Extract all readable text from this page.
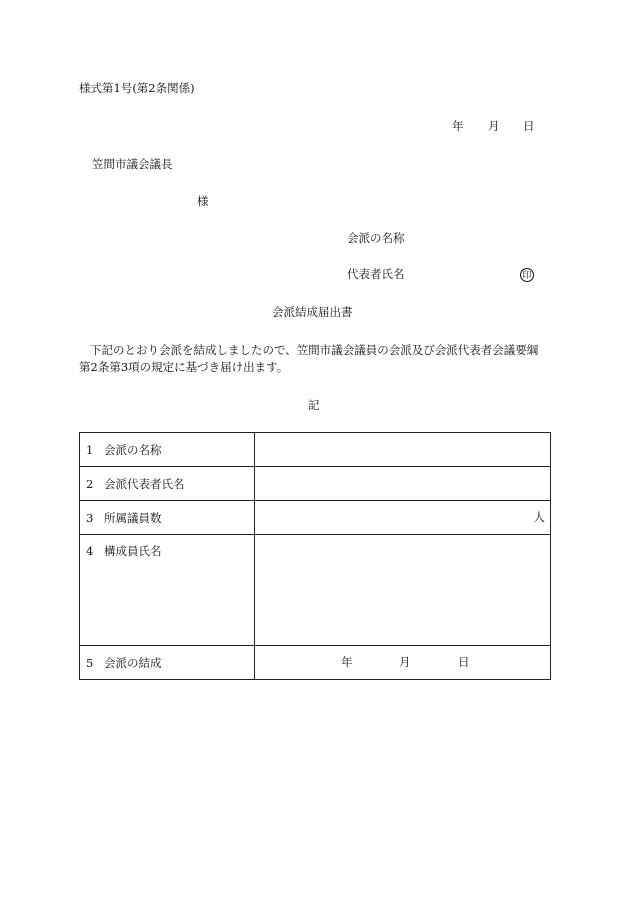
様式第1号(第2条関係)
年 月 日
笠間市議会議長
様
会派の名称
代表者氏名	印
会派結成届出書
下記のとおり会派を結成しましたので、笠間市議会議員の会派及び会派代表者会議要綱
第2条第3項の規定に基づき届け出ます。
記
1 会派の名称	
2 会派代表者氏名	
3 所属議員数	人

4 構成員氏名	
5 会派の結成	年 月 日
